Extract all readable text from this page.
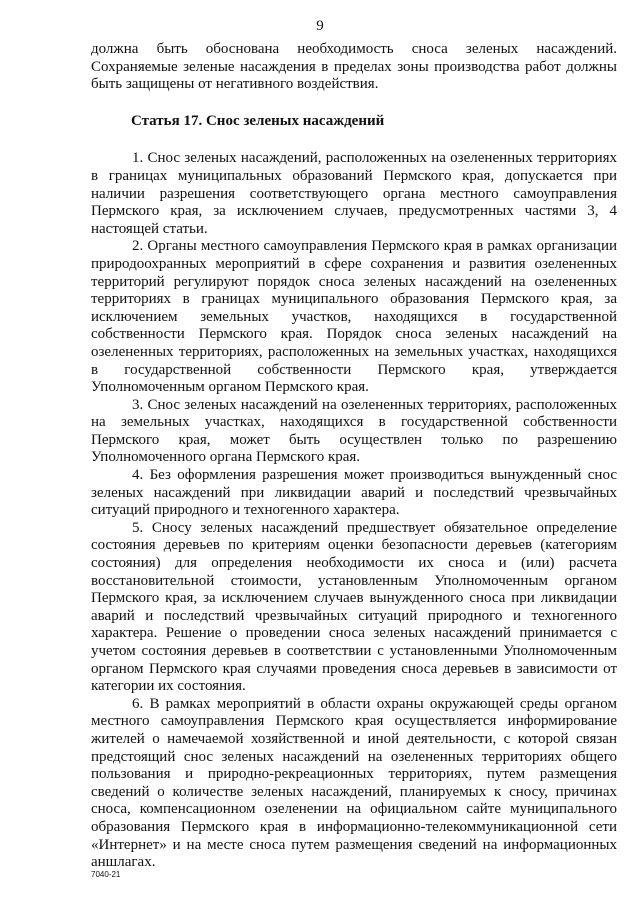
9

должна быть обоснована необходимость сноса зеленых насаждений. Сохраняемые зеленые насаждения в пределах зоны производства работ должны быть защищены от негативного воздействия.

Статья 17. Снос зеленых насаждений

1. Снос зеленых насаждений, расположенных на озелененных территориях в границах муниципальных образований Пермского края, допускается при наличии разрешения соответствующего органа местного самоуправления Пермского края, за исключением случаев, предусмотренных частями 3, 4 настоящей статьи.

2. Органы местного самоуправления Пермского края в рамках организации природоохранных мероприятий в сфере сохранения и развития озелененных территорий регулируют порядок сноса зеленых насаждений на озелененных территориях в границах муниципального образования Пермского края, за исключением земельных участков, находящихся в государственной собственности Пермского края. Порядок сноса зеленых насаждений на озелененных территориях, расположенных на земельных участках, находящихся в государственной собственности Пермского края, утверждается Уполномоченным органом Пермского края.

3. Снос зеленых насаждений на озелененных территориях, расположенных на земельных участках, находящихся в государственной собственности Пермского края, может быть осуществлен только по разрешению Уполномоченного органа Пермского края.

4. Без оформления разрешения может производиться вынужденный снос зеленых насаждений при ликвидации аварий и последствий чрезвычайных ситуаций природного и техногенного характера.

5. Сносу зеленых насаждений предшествует обязательное определение состояния деревьев по критериям оценки безопасности деревьев (категориям состояния) для определения необходимости их сноса и (или) расчета восстановительной стоимости, установленным Уполномоченным органом Пермского края, за исключением случаев вынужденного сноса при ликвидации аварий и последствий чрезвычайных ситуаций природного и техногенного характера. Решение о проведении сноса зеленых насаждений принимается с учетом состояния деревьев в соответствии с установленными Уполномоченным органом Пермского края случаями проведения сноса деревьев в зависимости от категории их состояния.

6. В рамках мероприятий в области охраны окружающей среды органом местного самоуправления Пермского края осуществляется информирование жителей о намечаемой хозяйственной и иной деятельности, с которой связан предстоящий снос зеленых насаждений на озелененных территориях общего пользования и природно-рекреационных территориях, путем размещения сведений о количестве зеленых насаждений, планируемых к сносу, причинах сноса, компенсационном озеленении на официальном сайте муниципального образования Пермского края в информационно-телекоммуникационной сети «Интернет» и на месте сноса путем размещения сведений на информационных аншлагах.

7040-21
